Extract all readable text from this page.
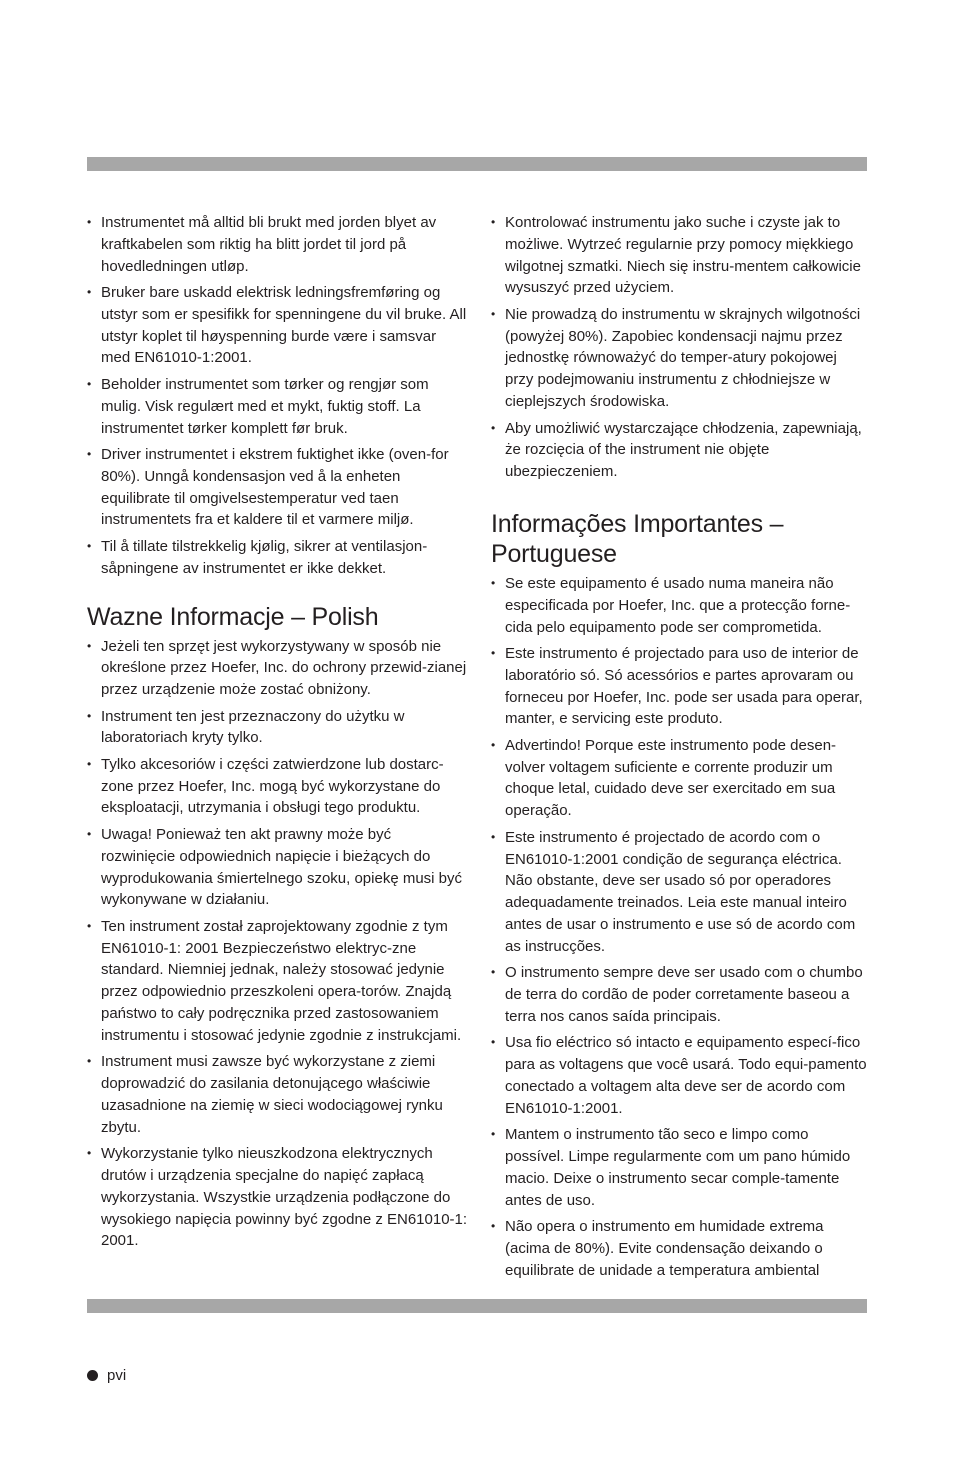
• Instrumentet må alltid bli brukt med jorden blyet av kraftkabelen som riktig ha blitt jordet til jord på hovedledningen utløp.
• Bruker bare uskadd elektrisk ledningsfremføring og utstyr som er spesifikk for spenningene du vil bruke. All utstyr koplet til høyspenning burde være i samsvar med EN61010-1:2001.
• Beholder instrumentet som tørker og rengjør som mulig. Visk regulært med et mykt, fuktig stoff. La instrumentet tørker komplett før bruk.
• Driver instrumentet i ekstrem fuktighet ikke (oven-for 80%). Unngå kondensasjon ved å la enheten equilibrate til omgivelsestemperatur ved taen instrumentets fra et kaldere til et varmere miljø.
• Til å tillate tilstrekkelig kjølig, sikrer at ventilasjon-såpningene av instrumentet er ikke dekket.
Wazne Informacje – Polish
• Jeżeli ten sprzęt jest wykorzystywany w sposób nie określone przez Hoefer, Inc. do ochrony przewid-zianej przez urządzenie może zostać obniżony.
• Instrument ten jest przeznaczony do użytku w laboratoriach kryty tylko.
• Tylko akcesoriów i części zatwierdzone lub dostarc-zone przez Hoefer, Inc. mogą być wykorzystane do eksploatacji, utrzymania i obsługi tego produktu.
• Uwaga! Ponieważ ten akt prawny może być rozwinięcie odpowiednich napięcie i bieżących do wyprodukowania śmiertelnego szoku, opiekę musi być wykonywane w działaniu.
• Ten instrument został zaprojektowany zgodnie z tym EN61010-1: 2001 Bezpieczeństwo elektryc-zne standard. Niemniej jednak, należy stosować jedynie przez odpowiednio przeszkoleni opera-torów. Znajdą państwo to cały podręcznika przed zastosowaniem instrumentu i stosować jedynie zgodnie z instrukcjami.
• Instrument musi zawsze być wykorzystane z ziemi doprowadzić do zasilania detonującego właściwie uzasadnione na ziemię w sieci wodociągowej rynku zbytu.
• Wykorzystanie tylko nieuszkodzona elektrycznych drutów i urządzenia specjalne do napięć zapłacą wykorzystania. Wszystkie urządzenia podłączone do wysokiego napięcia powinny być zgodne z EN61010-1: 2001.
• Kontrolować instrumentu jako suche i czyste jak to możliwe. Wytrzeć regularnie przy pomocy miękkiego wilgotnej szmatki. Niech się instru-mentem całkowicie wysuszyć przed użyciem.
• Nie prowadzą do instrumentu w skrajnych wilgotności (powyżej 80%). Zapobiec kondensacji najmu przez jednostkę równoważyć do temper-atury pokojowej przy podejmowaniu instrumentu z chłodniejsze w cieplejszych środowiska.
• Aby umożliwić wystarczające chłodzenia, zapewniają, że rozcięcia of the instrument nie objęte ubezpieczeniem.
Informações Importantes – Portuguese
• Se este equipamento é usado numa maneira não especificada por Hoefer, Inc. que a protecção forne-cida pelo equipamento pode ser comprometida.
• Este instrumento é projectado para uso de interior de laboratório só. Só acessórios e partes aprovaram ou forneceu por Hoefer, Inc. pode ser usada para operar, manter, e servicing este produto.
• Advertindo! Porque este instrumento pode desen-volver voltagem suficiente e corrente produzir um choque letal, cuidado deve ser exercitado em sua operação.
• Este instrumento é projectado de acordo com o EN61010-1:2001 condição de segurança eléctrica. Não obstante, deve ser usado só por operadores adequadamente treinados. Leia este manual inteiro antes de usar o instrumento e use só de acordo com as instrucções.
• O instrumento sempre deve ser usado com o chumbo de terra do cordão de poder corretamente baseou a terra nos canos saída principais.
• Usa fio eléctrico só intacto e equipamento especí-fico para as voltagens que você usará. Todo equi-pamento conectado a voltagem alta deve ser de acordo com EN61010-1:2001.
• Mantem o instrumento tão seco e limpo como possível. Limpe regularmente com um pano húmido macio. Deixe o instrumento secar comple-tamente antes de uso.
• Não opera o instrumento em humidade extrema (acima de 80%). Evite condensação deixando o equilibrate de unidade a temperatura ambiental
pvi
